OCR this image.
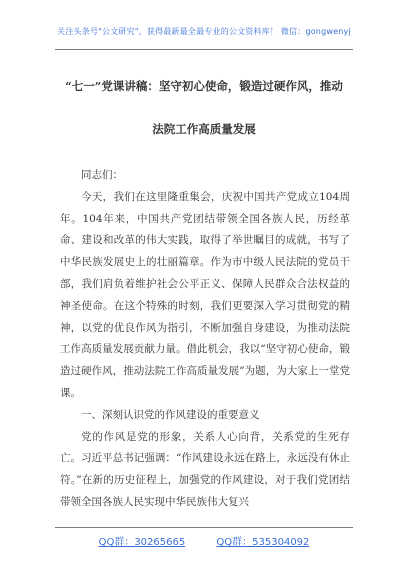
关注头条号"公文研究"，获得最新最全最专业的公文资料库！ 微信：gongwenyj
“七一”党课讲稿：坚守初心使命，锻造过硬作风，推动
法院工作高质量发展

同志们：

今天，我们在这里隆重集会，庆祝中国共产党成立104周年。104年来，中国共产党团结带领全国各族人民，历经革命、建设和改革的伟大实践，取得了举世瞩目的成就，书写了中华民族发展史上的壮丽篇章。作为市中级人民法院的党员干部，我们肩负着维护社会公平正义、保障人民群众合法权益的神圣使命。在这个特殊的时刻，我们更要深入学习贯彻党的精神，以党的优良作风为指引，不断加强自身建设，为推动法院工作高质量发展贡献力量。借此机会，我以“坚守初心使命，锻造过硬作风，推动法院工作高质量发展”为题，为大家上一堂党课。

一、深刻认识党的作风建设的重要意义

党的作风是党的形象，关系人心向背，关系党的生死存亡。习近平总书记强调：“作风建设永远在路上，永远没有休止符。”在新的历史征程上，加强党的作风建设，对于我们党团结带领全国各族人民实现中华民族伟大复兴

QQ群：30265665	QQ群：535304092
